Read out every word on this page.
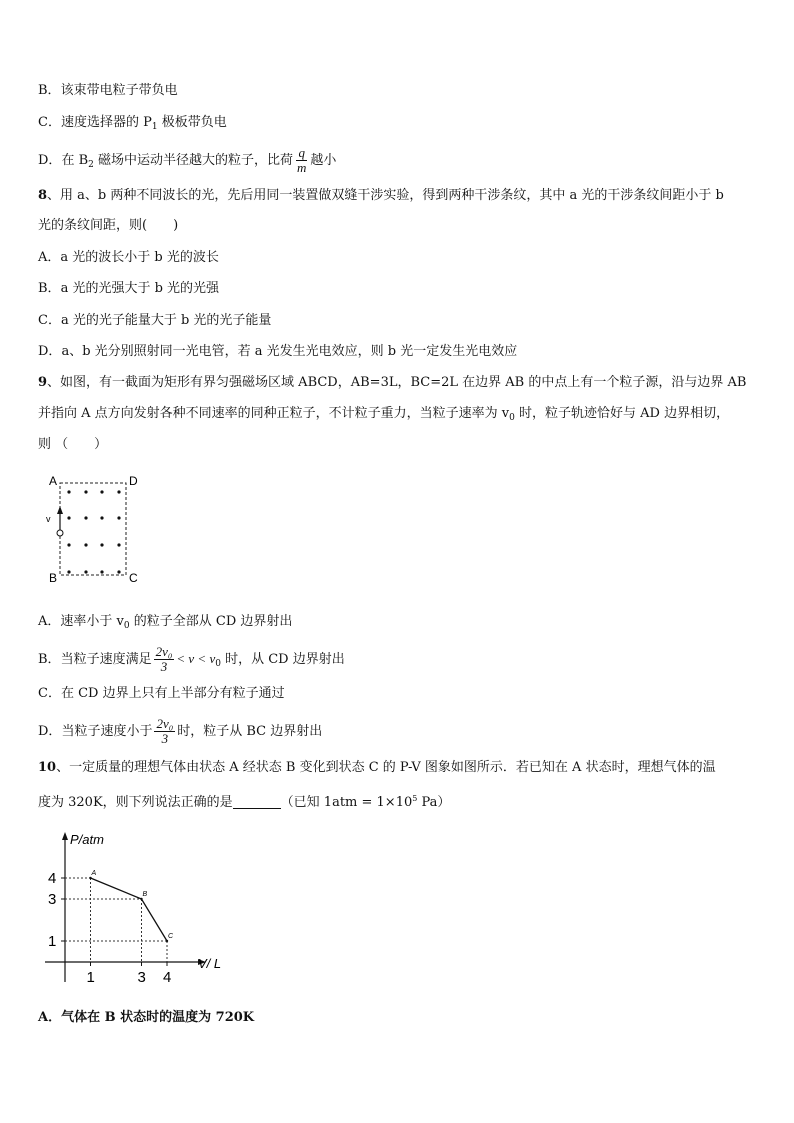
B．该束带电粒子带负电
C．速度选择器的 $P_1$ 极板带负电
D．在 $B_2$ 磁场中运动半径越大的粒子，比荷 $\frac{q}{m}$ 越小
8、用 a、b 两种不同波长的光，先后用同一装置做双缝干涉实验，得到两种干涉条纹，其中 a 光的干涉条纹间距小于 b
光的条纹间距，则(　　)
A．a 光的波长小于 b 光的波长
B．a 光的光强大于 b 光的光强
C．a 光的光子能量大于 b 光的光子能量
D．a、b 光分别照射同一光电管，若 a 光发生光电效应，则 b 光一定发生光电效应
9、如图，有一截面为矩形有界匀强磁场区域 ABCD，AB=3L，BC=2L 在边界 AB 的中点上有一个粒子源，沿与边界 AB
并指向 A 点方向发射各种不同速率的同种正粒子，不计粒子重力，当粒子速率为 $v_0$ 时，粒子轨迹恰好与 AD 边界相切，
则 （　　）
A	D
B	C
v
A．速率小于 $v_0$ 的粒子全部从 CD 边界射出
B．当粒子速度满足 $\frac{\text{2v₀}}{3} < v < v_0$ 时，从 CD 边界射出
C．在 CD 边界上只有上半部分有粒子通过
D．当粒子速度小于 $\frac{\text{2v₀}}{3}$ 时，粒子从 BC 边界射出
10、一定质量的理想气体由状态 A 经状态 B 变化到状态 C 的 P-V 图象如图所示．若已知在 A 状态时，理想气体的温
度为 320K，则下列说法正确的是	（已知 $1atm = 1\times 10^5$ Pa）
P/atm
V/ L
A
B
C
1
3
4
1	3 4
A．气体在 B 状态时的温度为 720K
